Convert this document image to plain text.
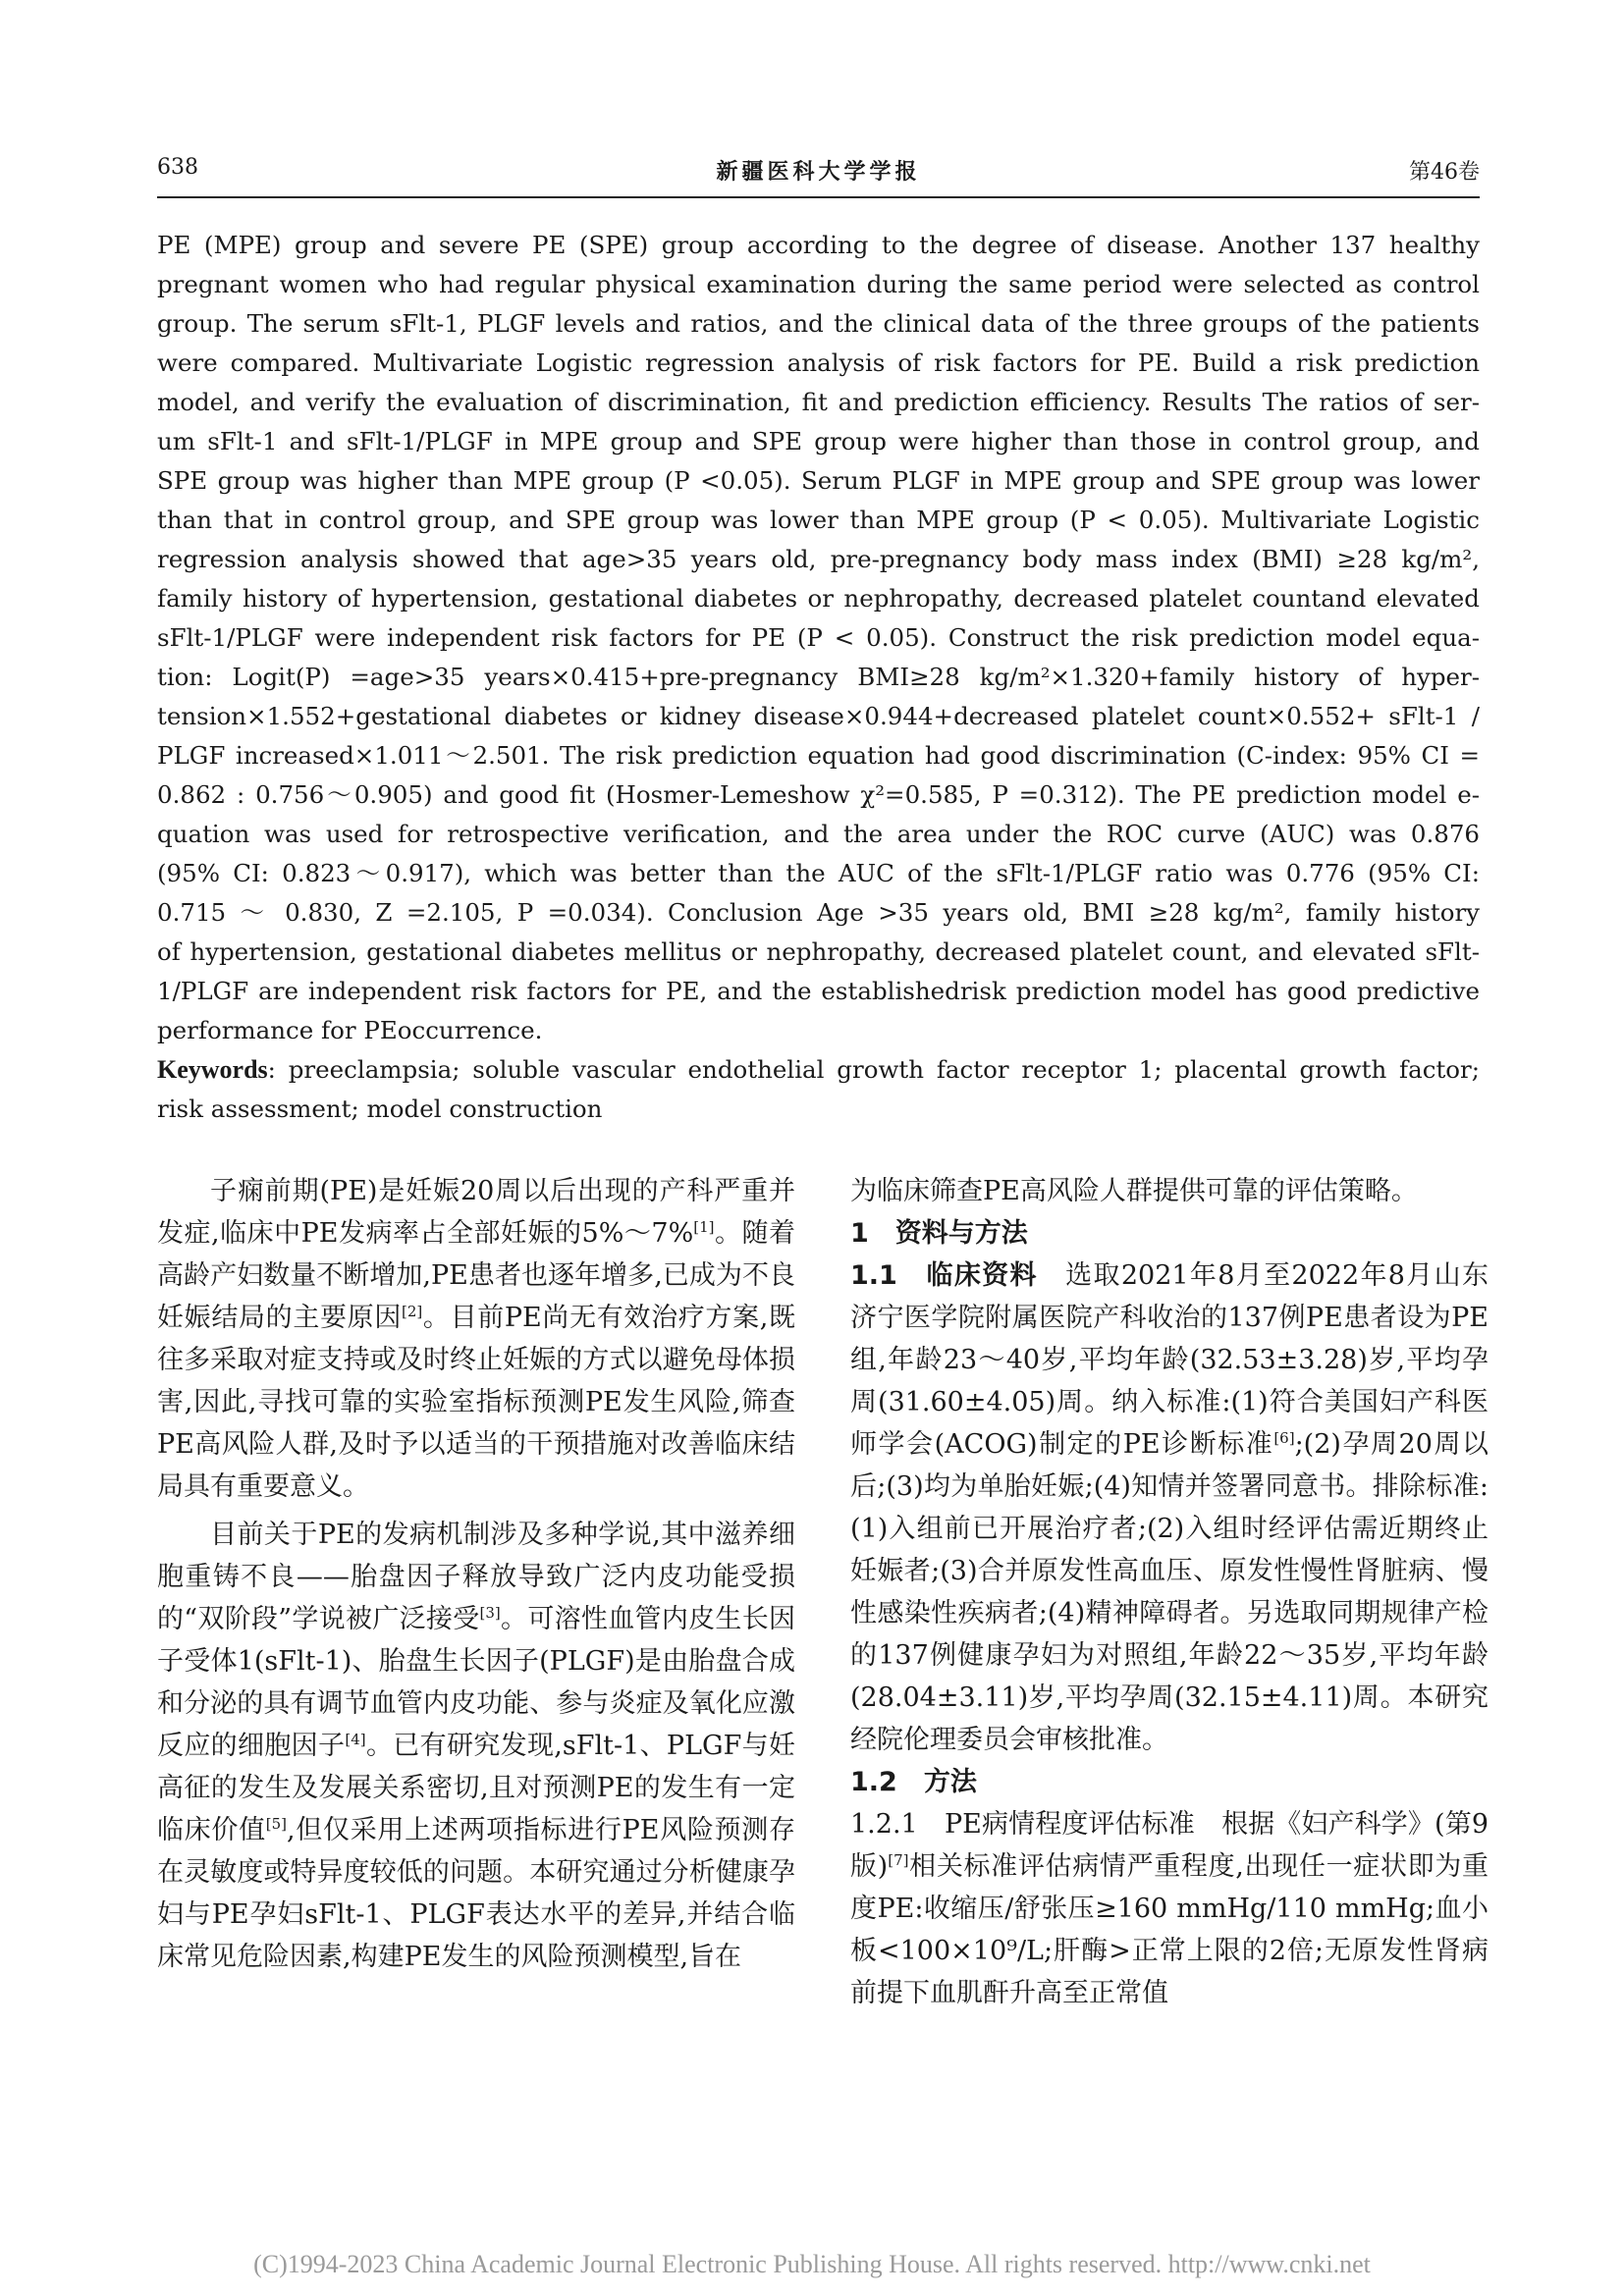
638	新疆医科大学学报	第46卷

PE (MPE) group and severe PE (SPE) group according to the degree of disease. Another 137 healthy

pregnant women who had regular physical examination during the same period were selected as control

group. The serum sFlt-1, PLGF levels and ratios, and the clinical data of the three groups of the patients

were compared. Multivariate Logistic regression analysis of risk factors for PE. Build a risk prediction

model, and verify the evaluation of discrimination, fit and prediction efficiency. Results The ratios of ser-

um sFlt-1 and sFlt-1/PLGF in MPE group and SPE group were higher than those in control group, and

SPE group was higher than MPE group (P <0.05). Serum PLGF in MPE group and SPE group was lower

than that in control group, and SPE group was lower than MPE group (P < 0.05). Multivariate Logistic

regression analysis showed that age>35 years old, pre-pregnancy body mass index (BMI) ≥28 kg/m²,

family history of hypertension, gestational diabetes or nephropathy, decreased platelet countand elevated

sFlt-1/PLGF were independent risk factors for PE (P < 0.05). Construct the risk prediction model equa-

tion: Logit(P) =age>35 years×0.415+pre-pregnancy BMI≥28 kg/m²×1.320+family history of hyper-

tension×1.552+gestational diabetes or kidney disease×0.944+decreased platelet count×0.552+ sFlt-1 /

PLGF increased×1.011～2.501. The risk prediction equation had good discrimination (C-index: 95% CI =

0.862 : 0.756～0.905) and good fit (Hosmer-Lemeshow χ²=0.585, P =0.312). The PE prediction model e-

quation was used for retrospective verification, and the area under the ROC curve (AUC) was 0.876

(95% CI: 0.823～0.917), which was better than the AUC of the sFlt-1/PLGF ratio was 0.776 (95% CI:

0.715 ～ 0.830, Z =2.105, P =0.034). Conclusion Age >35 years old, BMI ≥28 kg/m², family history

of hypertension, gestational diabetes mellitus or nephropathy, decreased platelet count, and elevated sFlt-

1/PLGF are independent risk factors for PE, and the establishedrisk prediction model has good predictive

performance for PEoccurrence.

Keywords: preeclampsia; soluble vascular endothelial growth factor receptor 1; placental growth factor;

risk assessment; model construction

子痫前期(PE)是妊娠20周以后出现的产科严重并发症,临床中PE发病率占全部妊娠的5%～7%[1]。随着高龄产妇数量不断增加,PE患者也逐年增多,已成为不良妊娠结局的主要原因[2]。目前PE尚无有效治疗方案,既往多采取对症支持或及时终止妊娠的方式以避免母体损害,因此,寻找可靠的实验室指标预测PE发生风险,筛查PE高风险人群,及时予以适当的干预措施对改善临床结局具有重要意义。

目前关于PE的发病机制涉及多种学说,其中滋养细胞重铸不良——胎盘因子释放导致广泛内皮功能受损的“双阶段”学说被广泛接受[3]。可溶性血管内皮生长因子受体1(sFlt-1)、胎盘生长因子(PLGF)是由胎盘合成和分泌的具有调节血管内皮功能、参与炎症及氧化应激反应的细胞因子[4]。已有研究发现,sFlt-1、PLGF与妊高征的发生及发展关系密切,且对预测PE的发生有一定临床价值[5],但仅采用上述两项指标进行PE风险预测存在灵敏度或特异度较低的问题。本研究通过分析健康孕妇与PE孕妇sFlt-1、PLGF表达水平的差异,并结合临床常见危险因素,构建PE发生的风险预测模型,旨在

为临床筛查PE高风险人群提供可靠的评估策略。

1　资料与方法

1.1　临床资料　选取2021年8月至2022年8月山东济宁医学院附属医院产科收治的137例PE患者设为PE组,年龄23～40岁,平均年龄(32.53±3.28)岁,平均孕周(31.60±4.05)周。纳入标准:(1)符合美国妇产科医师学会(ACOG)制定的PE诊断标准[6];(2)孕周20周以后;(3)均为单胎妊娠;(4)知情并签署同意书。排除标准:(1)入组前已开展治疗者;(2)入组时经评估需近期终止妊娠者;(3)合并原发性高血压、原发性慢性肾脏病、慢性感染性疾病者;(4)精神障碍者。另选取同期规律产检的137例健康孕妇为对照组,年龄22～35岁,平均年龄(28.04±3.11)岁,平均孕周(32.15±4.11)周。本研究经院伦理委员会审核批准。

1.2　方法

1.2.1　PE病情程度评估标准　根据《妇产科学》(第9版)[7]相关标准评估病情严重程度,出现任一症状即为重度PE:收缩压/舒张压≥160 mmHg/110 mmHg;血小板<100×10⁹/L;肝酶>正常上限的2倍;无原发性肾病前提下血肌酐升高至正常值

(C)1994-2023 China Academic Journal Electronic Publishing House. All rights reserved. http://www.cnki.net
